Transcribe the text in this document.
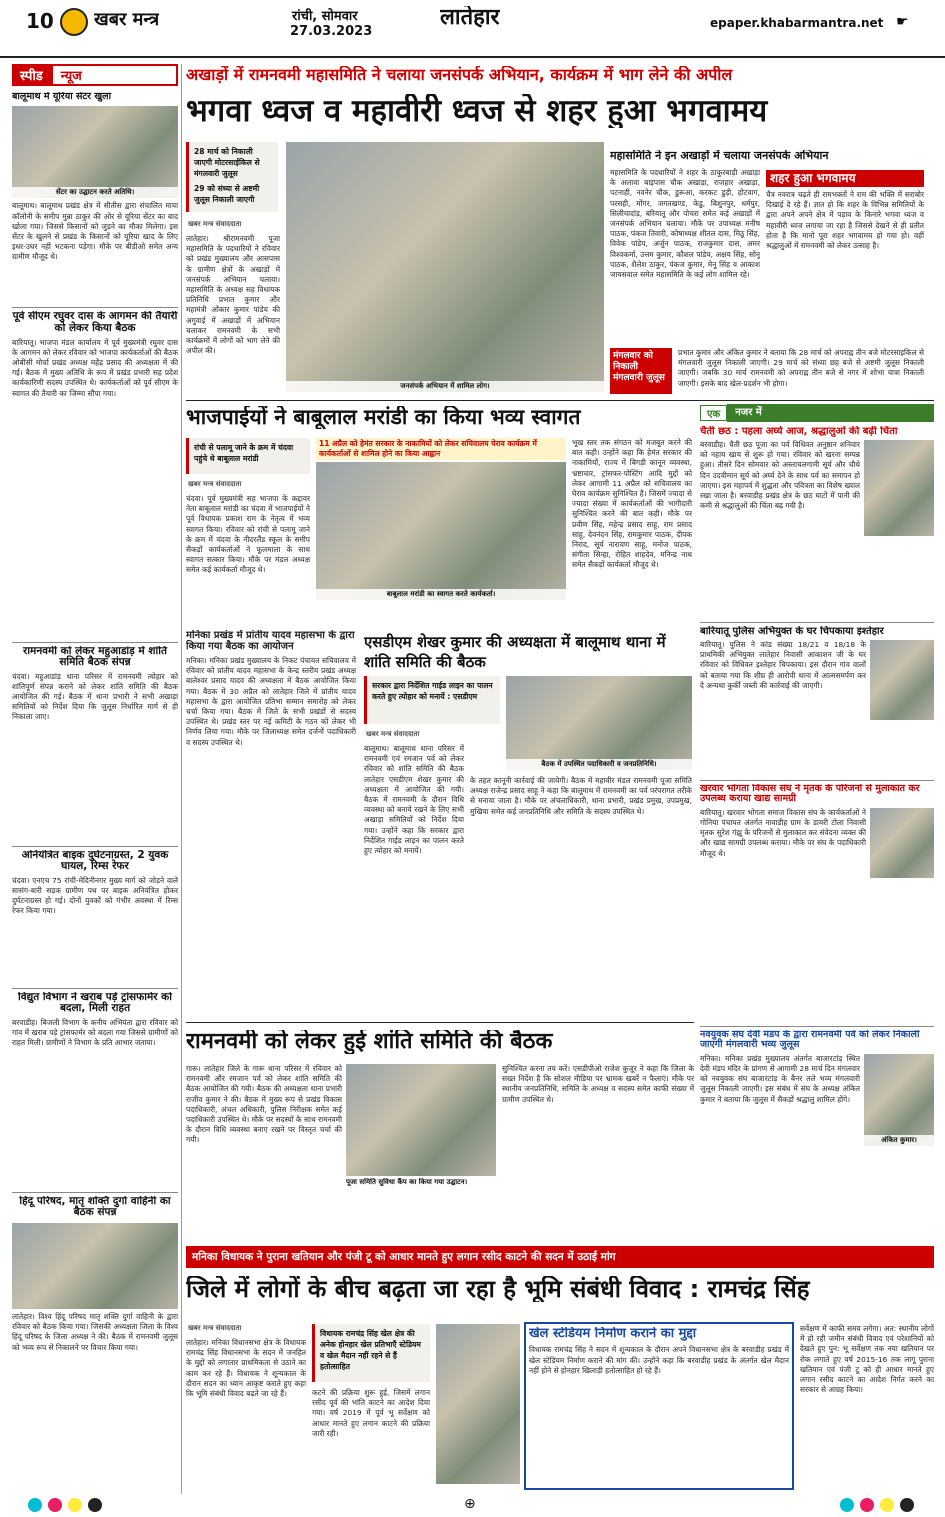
10 खबर मन्त्र	रांची, सोमवार
27.03.2023
लातेहार	epaper.khabarmantra.net ☛
स्पीड	न्यूज
बालूमाथ में यूरिया सेंटर खुला
सेंटर का उद्घाटन करते अतिथि।
बालूमाथ। बालूमाथ प्रखंड क्षेत्र में सीतीस द्वारा संचालित माया कॉलोनी के समीप मुन्ना ठाकुर की ओर से यूरिया सेंटर का बाद खोला गया। जिससे किसानों को जुड़ने का मौका मिलेगा। इस सेंटर के खुलने से प्रखंड के किसानों को यूरिया खाद के लिए इधर-उधर नहीं भटकना पड़ेगा। मौके पर बीडीओ समेत अन्य ग्रामीण मौजूद थे।
पूर्व सीएम रघुवर दास के आगमन की तैयारी को लेकर किया बैठक
बारियातू। भाजपा मंडल कार्यालय में पूर्व मुख्यमंत्री रघुवर दास के आगमन को लेकर रविवार को भाजपा कार्यकर्ताओं की बैठक ओबीसी मोर्चा प्रखंड अध्यक्ष महेंद्र प्रसाद की अध्यक्षता में की गई। बैठक में मुख्य अतिथि के रूप में प्रखंड प्रभारी सह प्रदेश कार्यकारिणी सदस्य उपस्थित थे। कार्यकर्ताओं को पूर्व सीएम के स्वागत की तैयारी का जिम्मा सौंपा गया।
रामनवमी को लेकर महुआडांड़ में शांति समिति बैठक संपन्न
चंदवा। महुआडांड़ थाना परिसर में रामनवमी त्योहार को शांतिपूर्ण संपन्न कराने को लेकर शांति समिति की बैठक आयोजित की गई। बैठक में थाना प्रभारी ने सभी अखाड़ा समितियों को निर्देश दिया कि जुलूस निर्धारित मार्ग से ही निकाला जाए।
अनियंत्रित बाइक दुर्घटनाग्रस्त, 2 युवक घायल, रिम्स रेफर
चंदवा। एनएच 75 रांची-मेदिनीनगर मुख्य मार्ग को जोड़ने वाले सासंग-बारी सड़क ग्रामीण पथ पर बाइक अनियंत्रित होकर दुर्घटनाग्रस्त हो गई। दोनों युवकों को गंभीर अवस्था में रिम्स रेफर किया गया।
विद्युत विभाग ने खराब पड़े ट्रांसफार्मर को बदला, मिली राहत
बरवाडीह। बिजली विभाग के कनीय अभियंता द्वारा रविवार को गांव में खराब पड़े ट्रांसफार्मर को बदला गया जिससे ग्रामीणों को राहत मिली। ग्रामीणों ने विभाग के प्रति आभार जताया।
हिंदू परिषद, मातृ शक्ति दुर्गा वाहिनी का बैठक संपन्न
लातेहार। विश्व हिंदू परिषद मातृ शक्ति दुर्गा वाहिनी के द्वारा रविवार को बैठक किया गया। जिसकी अध्यक्षता जिला के विश्व हिंदू परिषद के जिला अध्यक्ष ने की। बैठक में रामनवमी जुलूस को भव्य रूप से निकालने पर विचार किया गया।
अखाड़ों में रामनवमी महासमिति ने चलाया जनसंपर्क अभियान, कार्यक्रम में भाग लेने की अपील
भगवा ध्वज व महावीरी ध्वज से शहर हुआ भगवामय
28 मार्च को निकाली जाएगी मोटरसाईकिल से मंगलवारी जुलूस
29 को संध्या से अष्टमी जुलूस निकाली जाएगी
खबर मन्त्र संवाददाता
लातेहार। श्रीरामनवमी पूजा महासमिति के पदधारियों ने रविवार को प्रखंड मुख्यालय और आसपास के ग्रामीण क्षेत्रों के अखाड़ों में जनसंपर्क अभियान चलाया। महासमिति के अध्यक्ष सह विधायक प्रतिनिधि प्रभात कुमार और महामंत्री ओंकार कुमार पांडेय की अगुवाई में अखाड़ों में अभियान चलाकर रामनवमी के सभी कार्यक्रमों में लोगों को भाग लेने की अपील की।
जनसंपर्क अभियान में शामिल लोग।
महासमिति ने इन अखाड़ों में चलाया जनसंपर्क अभियान
महासमिति के पदधारियों ने शहर के ठाकुरबाड़ी अखाड़ा के अलावा बाइपास चौक अखाड़ा, राजहार अखाड़ा, पटनाही, नवनेर चौक, डुरूआ, करकट डुड़ी, होटवाग, परसही, मोंगर, जगतखण्ड, केडु, बिशुनपुर, धर्मपुर, सिलीयादांड़, बरियातू और पोचरा समेत कई अखाड़ों में जनसंपर्क अभियान चलाया। मौके पर उपाध्यक्ष मनीष पाठक, पंकज तिवारी, कोषाध्यक्ष शीतल दास, मिठू सिंह, विवेक पांडेय, अर्जुन पाठक, राजकुमार दास, अमर विश्वकर्मा, उत्तम कुमार, कौशल पांडेय, अक्षय सिंह, सोनू पाठक, शैलेश ठाकुर, पंकज कुमार, मेनू सिंह व आकाश जायसवाल समेत महासमिति के कई लोग शामिल रहे।
शहर हुआ भगवामय
चैत्र नवरात्र चढ़ते ही रामभक्तों ने राम की भक्ति में सराबोर दिखाई दे रहे हैं। ज्ञात हो कि शहर के विभिन्न समितियों के द्वारा अपने अपने क्षेत्र में पड़ाव के किनारे भगवा ध्वज व महावीरी ध्वज लगाया जा रहा है जिससे देखने से ही प्रतीत होता है कि मानो पूरा शहर भगवामय हो गया हो। वहीं श्रद्धालुओं में रामनवमी को लेकर उत्साह है।
मंगलवार को निकाली मंगलवारी जुलूस
प्रभात कुमार और अंकित कुमार ने बताया कि 28 मार्च को अपराह्न तीन बजे मोटरसाइकिल से मंगलवारी जुलूस निकाली जाएगी। 29 मार्च को संध्या छह बजे से अष्टमी जुलूस निकाली जाएगी। जबकि 30 मार्च रामनवमी को अपराह्न तीन बजे से नगर में शोभा यात्रा निकाली जाएगी। इसके बाद खेल-प्रदर्शन भी होगा।
भाजपाईयों ने बाबूलाल मरांडी का किया भव्य स्वागत
रांची से पलामू जाने के क्रम में चंदवा पहुंचे थे बाबूलाल मरांडी
खबर मन्त्र संवाददाता
चंदवा। पूर्व मुख्यमंत्री सह भाजपा के कद्दावर नेता बाबूलाल मरांडी का चंदवा में भाजपाईयों ने पूर्व विधायक प्रकाश राम के नेतृत्व में भव्य स्वागत किया। रविवार को रांची से पलामू जाने के क्रम में चंदवा के नीदरलैंड स्कूल के समीप सैकड़ों कार्यकर्ताओं ने फूलमाला के साथ स्वागत सत्कार किया। मौके पर मंडल अध्यक्ष समेत कई कार्यकर्ता मौजूद थे।
11 अप्रैल को हेमंत सरकार के नाकामियों को लेकर सचिवालय घेराव कार्यक्रम में कार्यकर्ताओं से शामिल होने का किया आह्वान
बाबूलाल मरांडी का स्वागत करते कार्यकर्ता।
भूख स्तर तक संगठन को मजबूत करने की बात कही। उन्होंने कहा कि हेमंत सरकार की नाकामियों, राज्य में बिगड़ी कानून व्यवस्था, भ्रष्टाचार, ट्रांसफर-पोस्टिंग आदि मुद्दों को लेकर आगामी 11 अप्रैल को सचिवालय का घेराव कार्यक्रम सुनिश्चित है। जिसमें ज्यादा से ज्यादा संख्या में कार्यकर्ताओं की भागीदारी सुनिश्चित करने की बात कही। मौके पर प्रवीण सिंह, महेन्द्र प्रसाद साहू, राम प्रसाद साहू, देवनंदन सिंह, रामकुमार पाठक, दीपक निराद, सूर्य नारायण साहू, मनोज पाठक, संगीता सिन्हा, रोहित शाहदेव, मनिन्द्र नाथ समेत सैकड़ों कार्यकर्ता मौजूद थे।
मनिका प्रखंड में प्रांतीय यादव महासभा के द्वारा किया गया बैठक का आयोजन
मनिका। मनिका प्रखंड मुख्यालय के निकट पंचायत सचिवालय में रविवार को प्रांतीय यादव महासभा के केन्द्र स्तरीय प्रखंड अध्यक्ष बालेश्वर प्रसाद यादव की अध्यक्षता में बैठक आयोजित किया गया। बैठक में 30 अप्रैल को लातेहार जिले में प्रांतीय यादव महासभा के द्वारा आयोजित प्रतिभा सम्मान समारोह को लेकर चर्चा किया गया। बैठक में जिले के सभी प्रखंडों से सदस्य उपस्थित थे। प्रखंड स्तर पर नई कमिटी के गठन को लेकर भी निर्णय लिया गया। मौके पर जिलाध्यक्ष समेत दर्जनों पदाधिकारी व सदस्य उपस्थित थे।
एसडीएम शेखर कुमार की अध्यक्षता में बालूमाथ थाना में शांति समिति की बैठक
सरकार द्वारा निर्देशित गाईड लाइन का पालन करते हुए त्योहार को मनायें : एसडीएम
खबर मन्त्र संवाददाता
बालूमाथ। बालूमाथ थाना परिसर में रामनवमी एवं रमजान पर्व को लेकर रविवार को शांति समिति की बैठक लातेहार एसडीएम शेखर कुमार की अध्यक्षता में आयोजित की गयी। बैठक में रामनवमी के दौरान विधि व्यवस्था को बनाये रखने के लिए सभी अखाड़ा समितियों को निर्देश दिया गया। उन्होंने कहा कि सरकार द्वारा निर्देशित गाईड लाइन का पालन करते हुए त्योहार को मनायें।
बैठक में उपस्थित पदाधिकारी व जनप्रतिनिधि।
के तहत कानूनी कार्रवाई की जायेगी। बैठक में महावीर मंडल रामनवमी पूजा समिति अध्यक्ष राजेन्द्र प्रसाद साहू ने कहा कि बालूमाथ में रामनवमी का पर्व परंपरागत तरीके से मनाया जाता है। मौके पर अंचलाधिकारी, थाना प्रभारी, प्रखंड प्रमुख, उपप्रमुख, मुखिया समेत कई जनप्रतिनिधि और समिति के सदस्य उपस्थित थे।
एक	नजर में
चैती छठ : पहला अर्घ्य आज, श्रद्धालुओं की बढ़ी चिंता
बरवाडीह। चैती छठ पूजा का पर्व विधिवत अनुष्ठान शनिवार को नहाय खाय से शुरू हो गया। रविवार को खरना सम्पन्न हुआ। तीसरे दिन सोमवार को अस्ताचलगामी सूर्य और चौथे दिन उदयीमान सूर्य को अर्घ्य देने के साथ पर्व का समापन हो जाएगा। इस महापर्व में शुद्धता और पवित्रता का विशेष ख्याल रखा जाता है। बरवाडीह प्रखंड क्षेत्र के छठ घाटों में पानी की कमी से श्रद्धालुओं की चिंता बढ़ गयी है।
बारियातू पुलिस अभियुक्त के घर चिपकाया इश्तेहार
बारियातू। पुलिस ने कांड संख्या 18/21 व 18/18 के प्राथमिकी अभियुक्त लातेहार निवासी आकाशन जी के घर रविवार को विधिवत इश्तेहार चिपकाया। इस दौरान गांव वालों को बताया गया कि शीघ्र ही आरोपी थाना में आत्मसमर्पण कर दे अन्यथा कुर्की जब्ती की कार्रवाई की जाएगी।
खरवार भोगता विकास संघ ने मृतक के परिजनों से मुलाकात कर उपलब्ध कराया खाद्य सामग्री
बारियातू। खरवार भोगता समाज विकास संघ के कार्यकर्ताओं ने गोनिया पंचायत अंतर्गत नावाडीह ग्राम के डायरी टोला निवासी मृतक सुरेश गंझू के परिजनों से मुलाकात कर संवेदना व्यक्त की और खाद्य सामग्री उपलब्ध कराया। मौके पर संघ के पदाधिकारी मौजूद थे।
नवयुवक संघ देवी मंडप के द्वारा रामनवमी पर्व को लेकर निकाली जाएगी मंगलवारी भव्य जुलूस
मनिका। मनिका प्रखंड मुख्यालय अंतर्गत बाजारटांड़ स्थित देवी मंडप मंदिर के प्रांगण से आगामी 28 मार्च दिन मंगलवार को नवयुवक संघ बाजारटांड़ के बैनर तले भव्य मंगलवारी जुलूस निकाली जाएगी। इस संबंध में संघ के अध्यक्ष अंकित कुमार ने बताया कि जुलूस में सैकड़ों श्रद्धालु शामिल होंगे।
अंकित कुमार।
रामनवमी को लेकर हुई शांति समिति की बैठक
गारू। लातेहार जिले के गारू थाना परिसर में रविवार को रामनवमी और रमजान पर्व को लेकर शांति समिति की बैठक आयोजित की गयी। बैठक की अध्यक्षता थाना प्रभारी राजीव कुमार ने की। बैठक में मुख्य रूप से प्रखंड विकास पदाधिकारी, अंचल अधिकारी, पुलिस निरीक्षक समेत कई पदाधिकारी उपस्थित थे। मौके पर सदस्यों के साथ रामनवमी के दौरान विधि व्यवस्था बनाए रखने पर विस्तृत चर्चा की गयी।
पूजा समिति सुविधा कैंप का किया गया उद्घाटन।
सुनिश्चित करना तय करें। एसडीपीओ राजेश कुजूर ने कहा कि जिला के सख्त निर्देश है कि सोशल मीडिया पर भ्रामक खबरें न फैलाएं। मौके पर स्थानीय जनप्रतिनिधि, समिति के अध्यक्ष व सदस्य समेत काफी संख्या में ग्रामीण उपस्थित थे।
मनिका विधायक ने पुराना खतियान और पंजी टू को आधार मानते हुए लगान रसीद काटने की सदन में उठाई मांग
जिले में लोगों के बीच बढ़ता जा रहा है भूमि संबंधी विवाद : रामचंद्र सिंह
खबर मन्त्र संवाददाता
लातेहार। मनिका विधानसभा क्षेत्र के विधायक रामचंद्र सिंह विधानसभा के सदन में जनहित के मुद्दों को लगातार प्राथमिकता से उठाने का काम कर रहे हैं। विधायक ने शून्यकाल के दौरान सदन का ध्यान आकृष्ट कराते हुए कहा कि भूमि संबंधी विवाद बढ़ते जा रहे हैं।
विधायक रामचंद्र सिंह खेल क्षेत्र की अनेक होनहार खेल प्रतिभाएँ स्टेडियम व खेल मैदान नहीं रहने से हैं हतोत्साहित
कटने की प्रक्रिया शुरू हुई, जिसमें लगान रसीद पूर्व की भांति काटने का आदेश दिया गया। वर्ष 2019 में पूर्व भू सर्वेक्षण को आधार मानते हुए लगान काटने की प्रक्रिया जारी रही।
खेल स्टेडियम निर्माण कराने का मुद्दा
विधायक रामचंद्र सिंह ने सदन में शून्यकाल के दौरान अपने विधानसभा क्षेत्र के बरवाडीह प्रखंड में खेल स्टेडियम निर्माण कराने की मांग की। उन्होंने कहा कि बरवाडीह प्रखंड के अंतर्गत खेल मैदान नहीं होने से होनहार खिलाड़ी हतोत्साहित हो रहे हैं।
सर्वेक्षण में काफी समय लगेगा। अत: स्थानीय लोगों में हो रही जमीन संबंधी विवाद एवं परेशानियों को देखते हुए पुन: भू सर्वेक्षण तक नया खतियान पर रोक लगाते हुए वर्ष 2015-16 तक लागू पुराना खतियान एवं पंजी टू को ही आधार मानते हुए लगान रसीद काटने का आदेश निर्गत करने का सरकार से आग्रह किया।
⊕
